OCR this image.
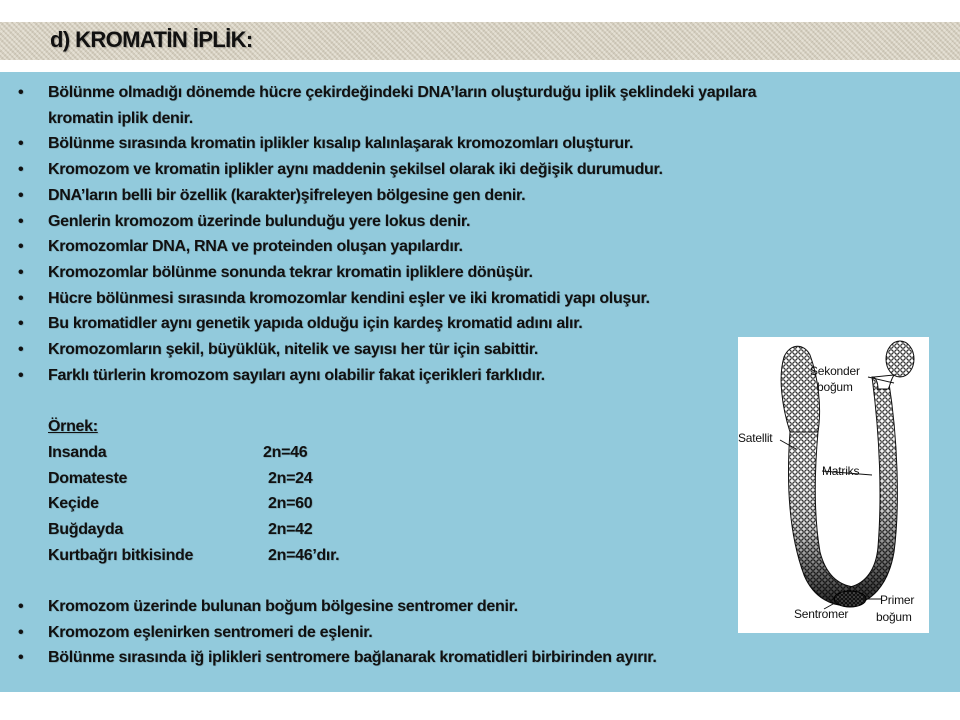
d) KROMATİN İPLİK:
• Bölünme olmadığı dönemde hücre çekirdeğindeki DNA’ların oluşturduğu iplik şeklindeki yapılara
kromatin iplik denir.
• Bölünme sırasında kromatin iplikler kısalıp kalınlaşarak kromozomları oluşturur.
• Kromozom ve kromatin iplikler aynı maddenin şekilsel olarak iki değişik durumudur.
• DNA’ların belli bir özellik (karakter)şifreleyen bölgesine gen denir.
• Genlerin kromozom üzerinde bulunduğu yere lokus denir.
• Kromozomlar DNA, RNA ve proteinden oluşan yapılardır.
• Kromozomlar bölünme sonunda tekrar kromatin ipliklere dönüşür.
• Hücre bölünmesi sırasında kromozomlar kendini eşler ve iki kromatidi yapı oluşur.
• Bu kromatidler aynı genetik yapıda olduğu için kardeş kromatid adını alır.
• Kromozomların şekil, büyüklük, nitelik ve sayısı her tür için sabittir.
• Farklı türlerin kromozom sayıları aynı olabilir fakat içerikleri farklıdır.
Örnek:
Insanda	2n=46
Domateste	2n=24
Keçide	2n=60
Buğdayda	2n=42
Kurtbağrı bitkisinde	2n=46’dır.
• Kromozom üzerinde bulunan boğum bölgesine sentromer denir.
• Kromozom eşlenirken sentromeri de eşlenir.
• Bölünme sırasında iğ iplikleri sentromere bağlanarak kromatidleri birbirinden ayırır.
Sekonder
boğum
Satellit
Matriks
Primer
boğum
Sentromer
